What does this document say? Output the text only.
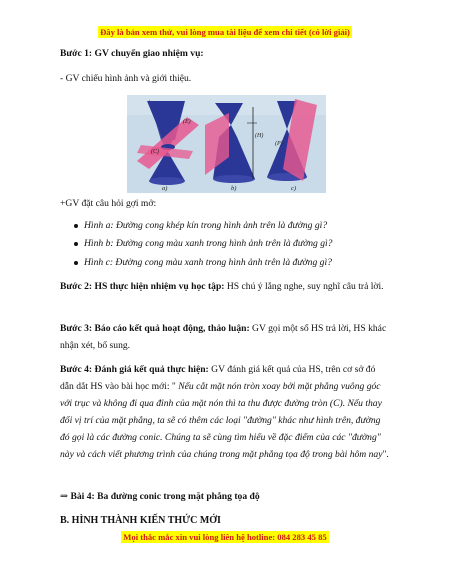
Đây là bản xem thử, vui lòng mua tài liệu để xem chi tiết (có lời giải)

Bước 1: GV chuyển giao nhiệm vụ:

- GV chiếu hình ảnh và giới thiệu.

(E)
(C)
a)
(H)
b)
(P)
c)

+GV đặt câu hỏi gợi mở:

Hình a: Đường cong khép kín trong hình ảnh trên là đường gì?
Hình b: Đường cong màu xanh trong hình ảnh trên là đường gì?
Hình c: Đường cong màu xanh trong hình ảnh trên là đường gì?

Bước 2: HS thực hiện nhiệm vụ học tập: HS chú ý lắng nghe, suy nghĩ câu trả lời.

Bước 3: Báo cáo kết quả hoạt động, thảo luận: GV gọi một số HS trả lời, HS khác nhận xét, bổ sung.

Bước 4: Đánh giá kết quả thực hiện: GV đánh giá kết quả của HS, trên cơ sở đó dẫn dắt HS vào bài học mới: " Nếu cắt mặt nón tròn xoay bởi mặt phẳng vuông góc với trục và không đi qua đỉnh của mặt nón thì ta thu được đường tròn (C). Nếu thay đổi vị trí của mặt phẳng, ta sẽ có thêm các loại "đường" khác như hình trên, đường đó gọi là các đường conic. Chúng ta sẽ cùng tìm hiểu về đặc điểm của các "đường" này và cách viết phương trình của chúng trong mặt phẳng tọa độ trong bài hôm nay".

⇒ Bài 4: Ba đường conic trong mặt phẳng tọa độ

B. HÌNH THÀNH KIẾN THỨC MỚI

Mọi thắc mắc xin vui lòng liên hệ hotline: 084 283 45 85
